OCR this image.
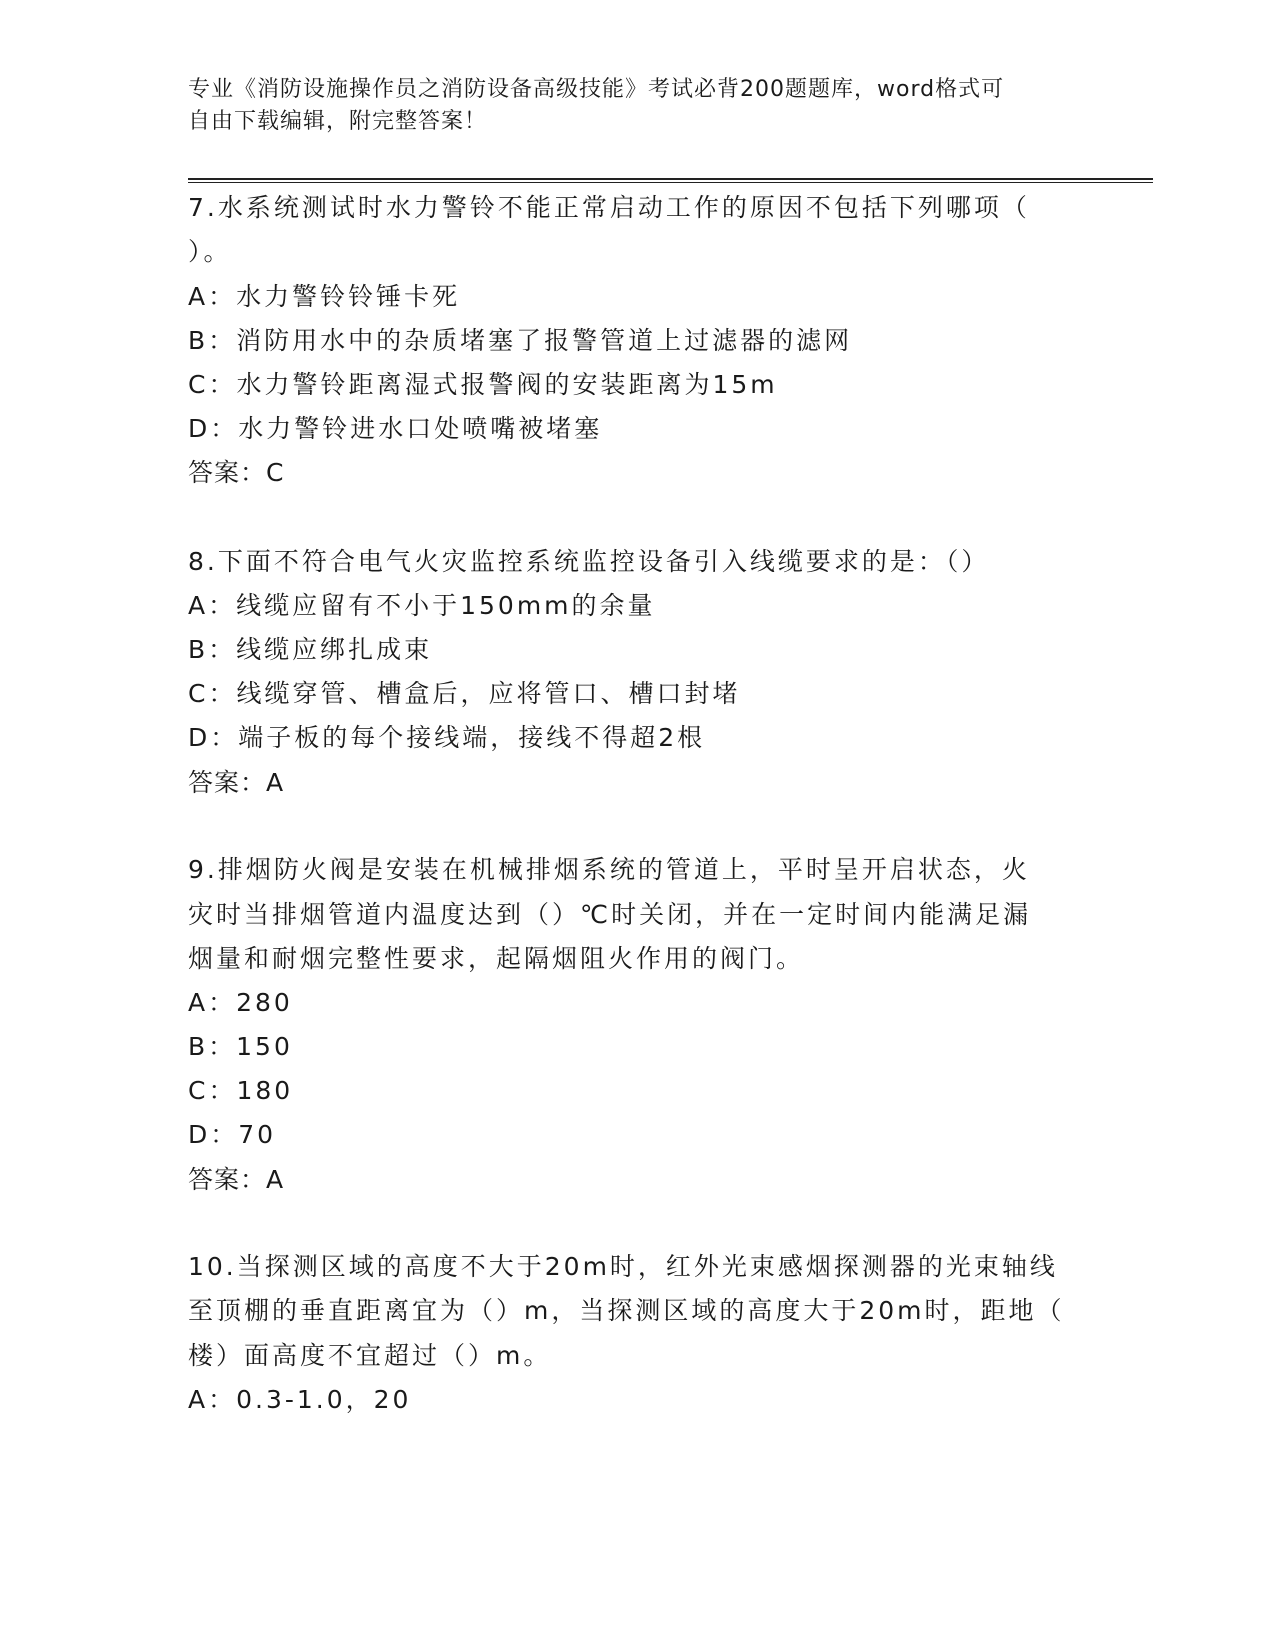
专业《消防设施操作员之消防设备高级技能》考试必背200题题库，word格式可
自由下载编辑，附完整答案！
7.水系统测试时水力警铃不能正常启动工作的原因不包括下列哪项（
）。
A：水力警铃铃锤卡死
B：消防用水中的杂质堵塞了报警管道上过滤器的滤网
C：水力警铃距离湿式报警阀的安装距离为15m
D：水力警铃进水口处喷嘴被堵塞
答案：C
8.下面不符合电气火灾监控系统监控设备引入线缆要求的是：（）
A：线缆应留有不小于150mm的余量
B：线缆应绑扎成束
C：线缆穿管、槽盒后，应将管口、槽口封堵
D：端子板的每个接线端，接线不得超2根
答案：A
9.排烟防火阀是安装在机械排烟系统的管道上，平时呈开启状态，火
灾时当排烟管道内温度达到（）℃时关闭，并在一定时间内能满足漏
烟量和耐烟完整性要求，起隔烟阻火作用的阀门。
A：280
B：150
C：180
D：70
答案：A
10.当探测区域的高度不大于20m时，红外光束感烟探测器的光束轴线
至顶棚的垂直距离宜为（）m，当探测区域的高度大于20m时，距地（
楼）面高度不宜超过（）m。
A：0.3-1.0，20
